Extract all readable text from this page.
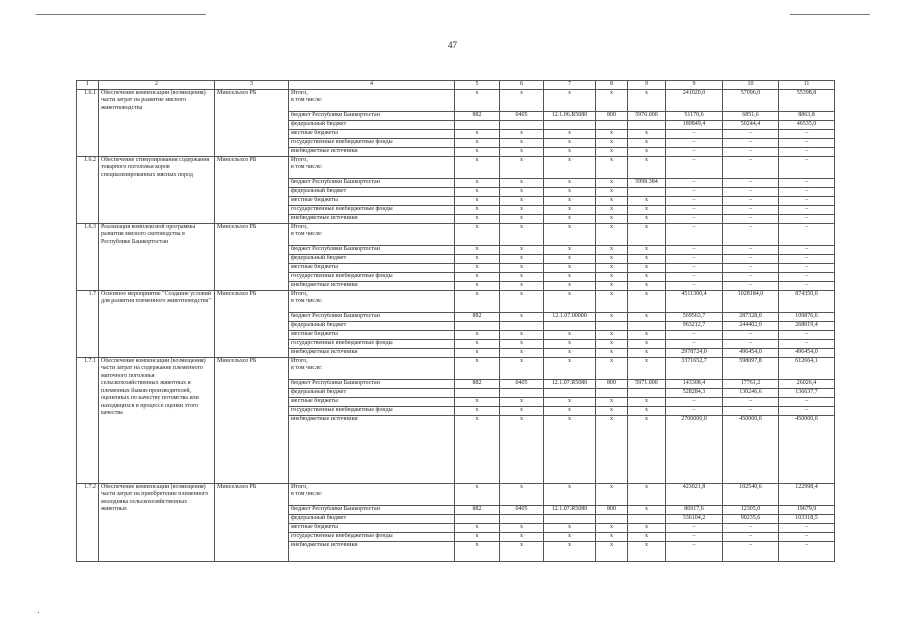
47
1	2	3	4	5	6	7	8	9	9	10	11
1.6.1	Обеспечение компенсации (возмещения) части затрат на развитие мясного животноводства	Минсельхоз РБ	Итого,
в том числе:	x	x	x	x	x	241020,0	57096,0	55398,8
			бюджет Республики Башкортостан	882	0405	12.1.06.R5080	800	5970.000	51170,6	6851,6	8863,8
			федеральный бюджет						189849,4	50244,4	46535,0
			местные бюджеты	x	x	x	x	x	–	–	–
			государственные внебюджетные фонды	x	x	x	x	x	–	–	–
			внебюджетные источники	x	x	x	x	x	–	–	–
1.6.2	Обеспечение стимулирования содержания товарного поголовья коров специализированных мясных пород	Минсельхоз РБ	Итого,
в том числе:	x	x	x	x	x	–	–	–
			бюджет Республики Башкортостан	x	x	x	x	5998.384	–	–	–
			федеральный бюджет	x	x	x	x		–	–	–
			местные бюджеты	x	x	x	x	x	–	–	–
			государственные внебюджетные фонды	x	x	x	x	x	–	–	–
			внебюджетные источники	x	x	x	x	x	–	–	–
1.6.3	Реализация комплексной программы развития мясного скотоводства в Республике Башкортостан	Минсельхоз РБ	Итого,
в том числе:	x	x	x	x	x	–	–	–
			бюджет Республики Башкортостан	x	x	x	x	x	–	–	–
			федеральный бюджет	x	x	x	x	x	–	–	–
			местные бюджеты	x	x	x	x	x	–	–	–
			государственные внебюджетные фонды	x	x	x	x	x	–	–	–
			внебюджетные источники	x	x	x	x	x	–	–	–
1.7	Основное мероприятие "Создание условий для развития племенного животноводства"	Минсельхоз РБ	Итого,
в том числе:	x	x	x	x	x	4511300,4	1028184,0	874350,0
			бюджет Республики Башкортостан	882	x	12.1.07.00000	x	x	569563,7	287328,0	109876,6
			федеральный бюджет						963212,7	244402,0	268019,4
			местные бюджеты	x	x	x	x	x	–	–	–
			государственные внебюджетные фонды	x	x	x	x	x	–	–	–
			внебюджетные источники	x	x	x	x	x	2978724,0	496454,0	496454,0
1.7.1	Обеспечение компенсации (возмещения) части затрат на содержание племенного маточного поголовья сельскохозяйственных животных и племенных быков-производителей, оцененных по качеству потомства или находящихся в процессе оценки этого качества	Минсельхоз РБ	Итого,
в том числе:	x	x	x	x	x	3371652,7	598097,8	612664,1
			бюджет Республики Башкортостан	882	0405	12.1.07.R5080	800	5971.000	143308,4	17761,2	26026,4
			федеральный бюджет						528284,3	130246,6	136637,7
			местные бюджеты	x	x	x	x	x	–	–	–
			государственные внебюджетные фонды	x	x	x	x	x	–	–	–
			внебюджетные источники	x	x	x	x	x	2700000,0	450000,0	450000,0
1.7.2	Обеспечение компенсации (возмещения) части затрат на приобретение племенного молодняка сельскохозяйственных животных	Минсельхоз РБ	Итого,
в том числе:	x	x	x	x	x	423021,8	102540,6	122998,4
			бюджет Республики Башкортостан	882	0405	12.1.07.R5080	800	x	86917,6	12305,0	19679,9
			федеральный бюджет						336104,2	90235,6	103318,5
			местные бюджеты	x	x	x	x	x	–	–	–
			государственные внебюджетные фонды	x	x	x	x	x	–	–	–
			внебюджетные источники	x	x	x	x	x	–	–	–
